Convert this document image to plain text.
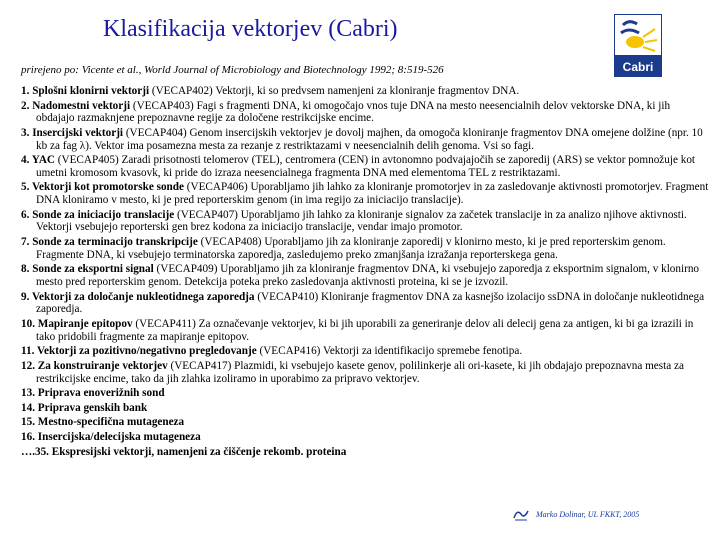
Klasifikacija vektorjev (Cabri)
Cabri
prirejeno po: Vicente et al., World Journal of Microbiology and Biotechnology 1992; 8:519-526
1. Splošni klonirni vektorji (VECAP402) Vektorji, ki so predvsem namenjeni za kloniranje fragmentov DNA.
2. Nadomestni vektorji (VECAP403) Fagi s fragmenti DNA, ki omogočajo vnos tuje DNA na mesto neesencialnih delov vektorske DNA, ki jih obdajajo razmaknjene prepoznavne regije za določene restrikcijske encime.
3. Insercijski vektorji (VECAP404) Genom insercijskih vektorjev je dovolj majhen, da omogoča kloniranje fragmentov DNA omejene dolžine (npr. 10 kb za fag λ). Vektor ima posamezna mesta za rezanje z restriktazami v neesencialnih delih genoma. Vsi so fagi.
4. YAC (VECAP405) Zaradi prisotnosti telomerov (TEL), centromera (CEN) in avtonomno podvajajočih se zaporedij (ARS) se vektor pomnožuje kot umetni kromosom kvasovk, ki pride do izraza neesencialnega fragmenta DNA med elementoma TEL z restriktazami.
5. Vektorji kot promotorske sonde (VECAP406) Uporabljamo jih lahko za kloniranje promotorjev in za zasledovanje aktivnosti promotorjev. Fragment DNA kloniramo v mesto, ki je pred reporterskim genom (in ima regijo za iniciacijo translacije).
6. Sonde za iniciacijo translacije (VECAP407) Uporabljamo jih lahko za kloniranje signalov za začetek translacije in za analizo njihove aktivnosti. Vektorji vsebujejo reporterski gen brez kodona za iniciacijo translacije, vendar imajo promotor.
7. Sonde za terminacijo transkripcije (VECAP408) Uporabljamo jih za kloniranje zaporedij v klonirno mesto, ki je pred reporterskim genom. Fragmente DNA, ki vsebujejo terminatorska zaporedja, zasledujemo preko zmanjšanja izražanja reporterskega gena.
8. Sonde za eksportni signal (VECAP409) Uporabljamo jih za kloniranje fragmentov DNA, ki vsebujejo zaporedja z eksportnim signalom, v klonirno mesto pred reporterskim genom. Detekcija poteka preko zasledovanja aktivnosti proteina, ki se je izvozil.
9. Vektorji za določanje nukleotidnega zaporedja (VECAP410) Kloniranje fragmentov DNA za kasnejšo izolacijo ssDNA in določanje nukleotidnega zaporedja.
10. Mapiranje epitopov (VECAP411) Za označevanje vektorjev, ki bi jih uporabili za generiranje delov ali delecij gena za antigen, ki bi ga izrazili in tako pridobili fragmente za mapiranje epitopov.
11. Vektorji za pozitivno/negativno pregledovanje (VECAP416) Vektorji za identifikacijo spremebe fenotipa.
12. Za konstruiranje vektorjev (VECAP417) Plazmidi, ki vsebujejo kasete genov, polilinkerje ali ori-kasete, ki jih obdajajo prepoznavna mesta za restrikcijske encime, tako da jih zlahka izoliramo in uporabimo za pripravo vektorjev.
13. Priprava enoverižnih sond
14. Priprava genskih bank
15. Mestno-specifična mutageneza
16. Insercijska/delecijska mutageneza
….35. Ekspresijski vektorji, namenjeni za čiščenje rekomb. proteina
Marko Dolinar, UL FKKT, 2005
